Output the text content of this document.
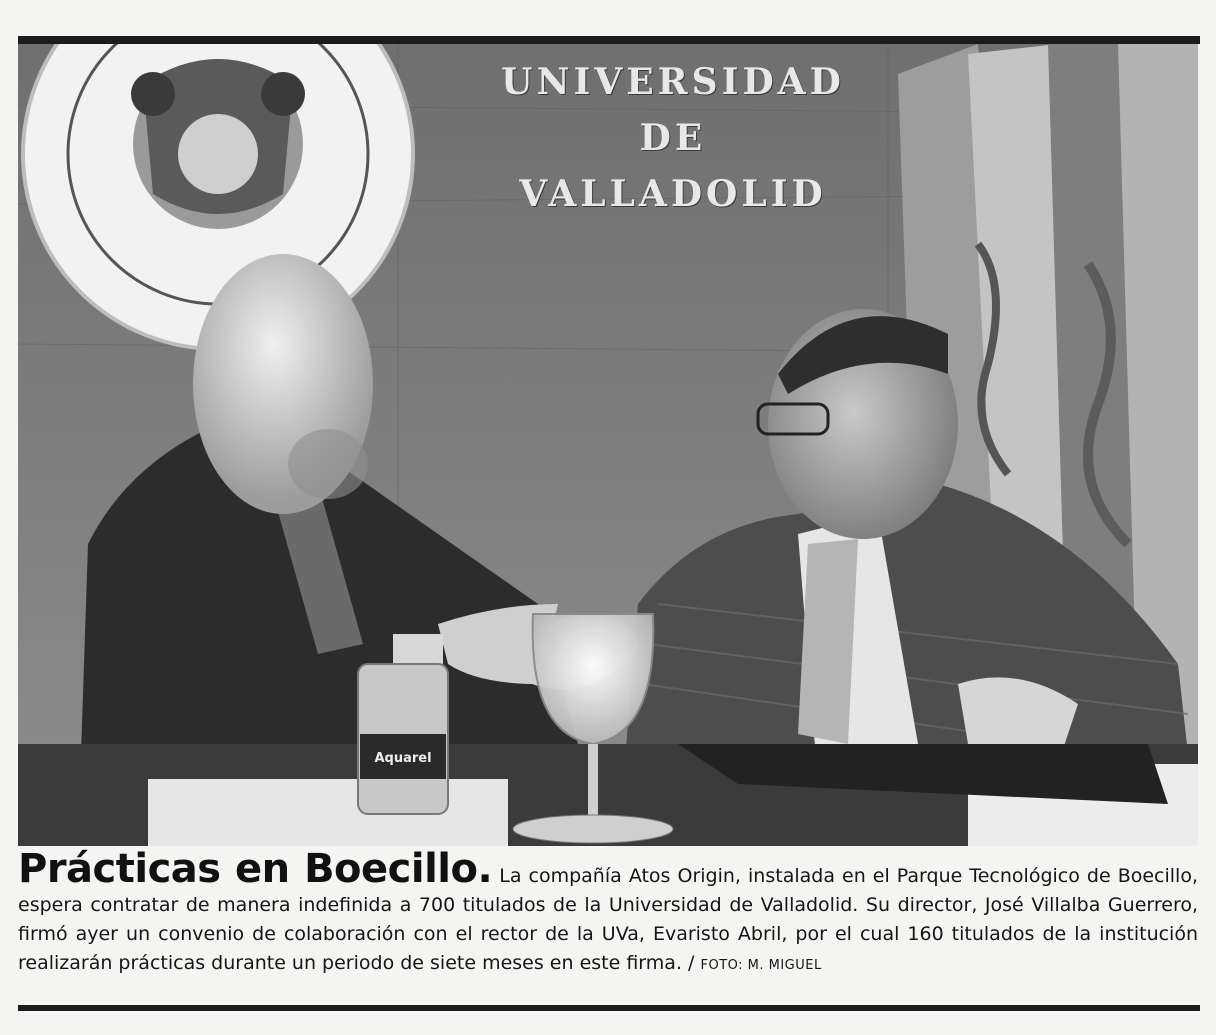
Aquarel
UNIVERSIDAD
DE
VALLADOLID
Prácticas en Boecillo. La compañía Atos Origin, instalada en el Parque Tecnológico de Boecillo, espera contratar de manera indefinida a 700 titulados de la Universidad de Valladolid. Su director, José Villalba Guerrero, firmó ayer un convenio de colaboración con el rector de la UVa, Evaristo Abril, por el cual 160 titulados de la institución realizarán prácticas durante un periodo de siete meses en este firma. / FOTO: M. MIGUEL
